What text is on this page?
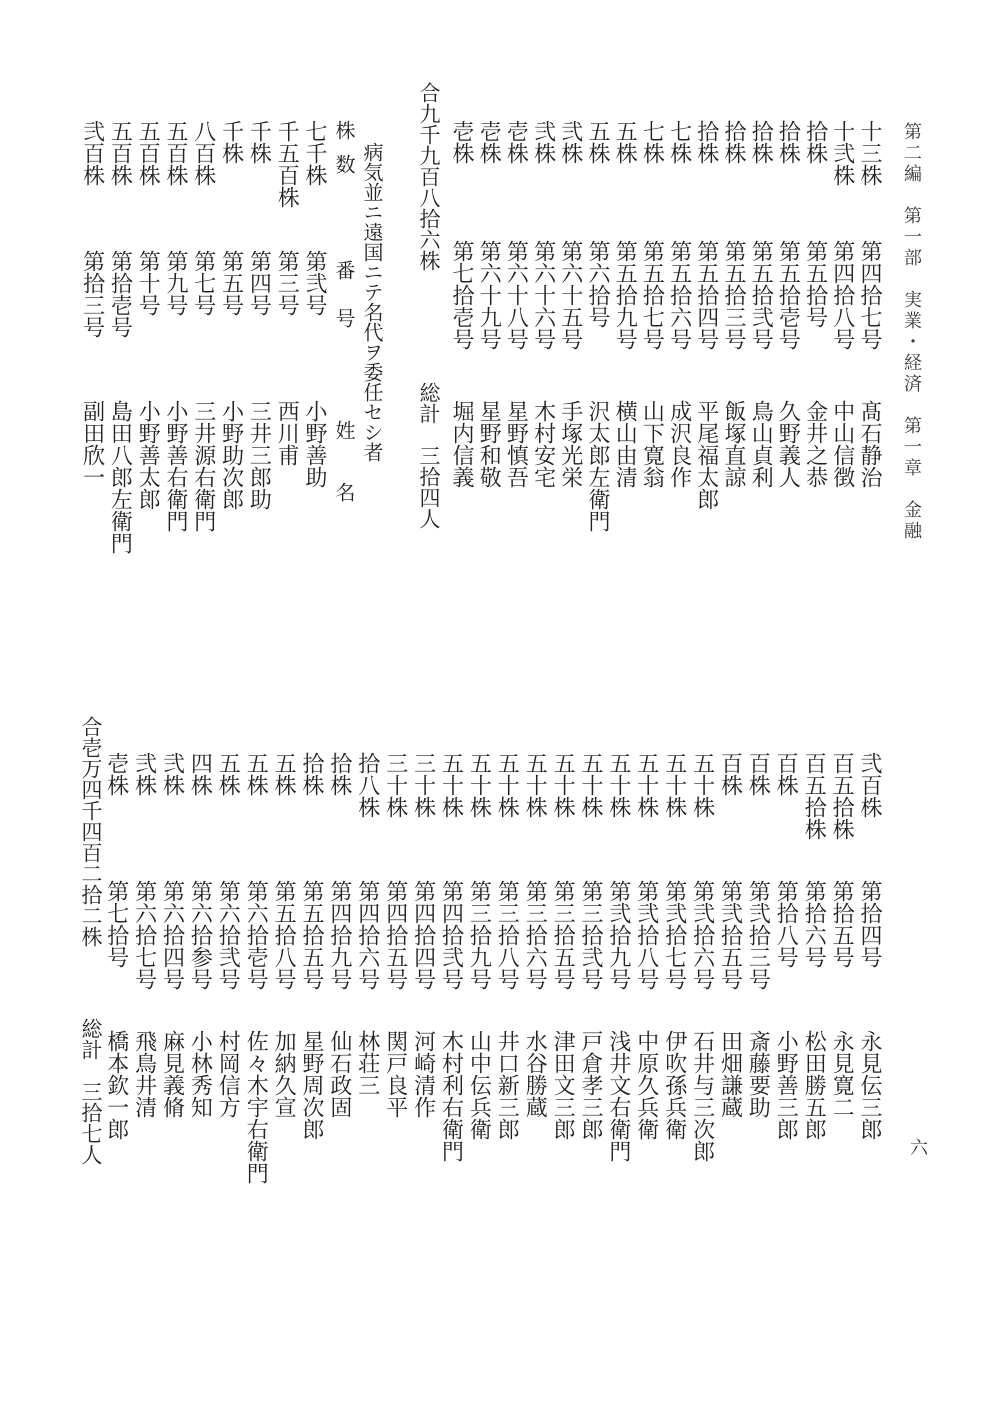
第二編　第一部　実業・経済　第一章　金融
六
合九千九百八拾六株
総計　三拾四人
病気並ニ遠国ニテ名代ヲ委任セシ者
株数
番号
姓名
合壱万四千四百二拾二株
総計　三拾七人
十三株
第四拾七号
髙石静治
十弐株
第四拾八号
中山信徴
拾株
第五拾号
金井之恭
拾株
第五拾壱号
久野義人
拾株
第五拾弐号
鳥山貞利
拾株
第五拾三号
飯塚直諒
拾株
第五拾四号
平尾福太郎
七株
第五拾六号
成沢良作
七株
第五拾七号
山下寛翁
五株
第五拾九号
横山由清
五株
第六拾号
沢太郎左衛門
弐株
第六十五号
手塚光栄
弐株
第六十六号
木村安宅
壱株
第六十八号
星野慎吾
壱株
第六十九号
星野和敬
壱株
第七拾壱号
堀内信義
七千株
第弐号
小野善助
千五百株
第三号
西川甫
千株
第四号
三井三郎助
千株
第五号
小野助次郎
八百株
第七号
三井源右衛門
五百株
第九号
小野善右衛門
五百株
第十号
小野善太郎
五百株
第拾壱号
島田八郎左衛門
弐百株
第拾三号
副田欣一
弐百株
第拾四号
永見伝三郎
百五拾株
第拾五号
永見寛二
百五拾株
第拾六号
松田勝五郎
百株
第拾八号
小野善三郎
百株
第弐拾三号
斎藤要助
百株
第弐拾五号
田畑謙蔵
五十株
第弐拾六号
石井与三次郎
五十株
第弐拾七号
伊吹孫兵衛
五十株
第弐拾八号
中原久兵衛
五十株
第弐拾九号
浅井文右衛門
五十株
第三拾弐号
戸倉孝三郎
五十株
第三拾五号
津田文三郎
五十株
第三拾六号
水谷勝蔵
五十株
第三拾八号
井口新三郎
五十株
第三拾九号
山中伝兵衛
五十株
第四拾弐号
木村利右衛門
三十株
第四拾四号
河崎清作
三十株
第四拾五号
関戸良平
拾八株
第四拾六号
林荘三
拾株
第四拾九号
仙石政固
拾株
第五拾五号
星野周次郎
五株
第五拾八号
加納久宣
五株
第六拾壱号
佐々木宇右衛門
五株
第六拾弐号
村岡信方
四株
第六拾参号
小林秀知
弐株
第六拾四号
麻見義脩
弐株
第六拾七号
飛鳥井清
壱株
第七拾号
橋本欽一郎
